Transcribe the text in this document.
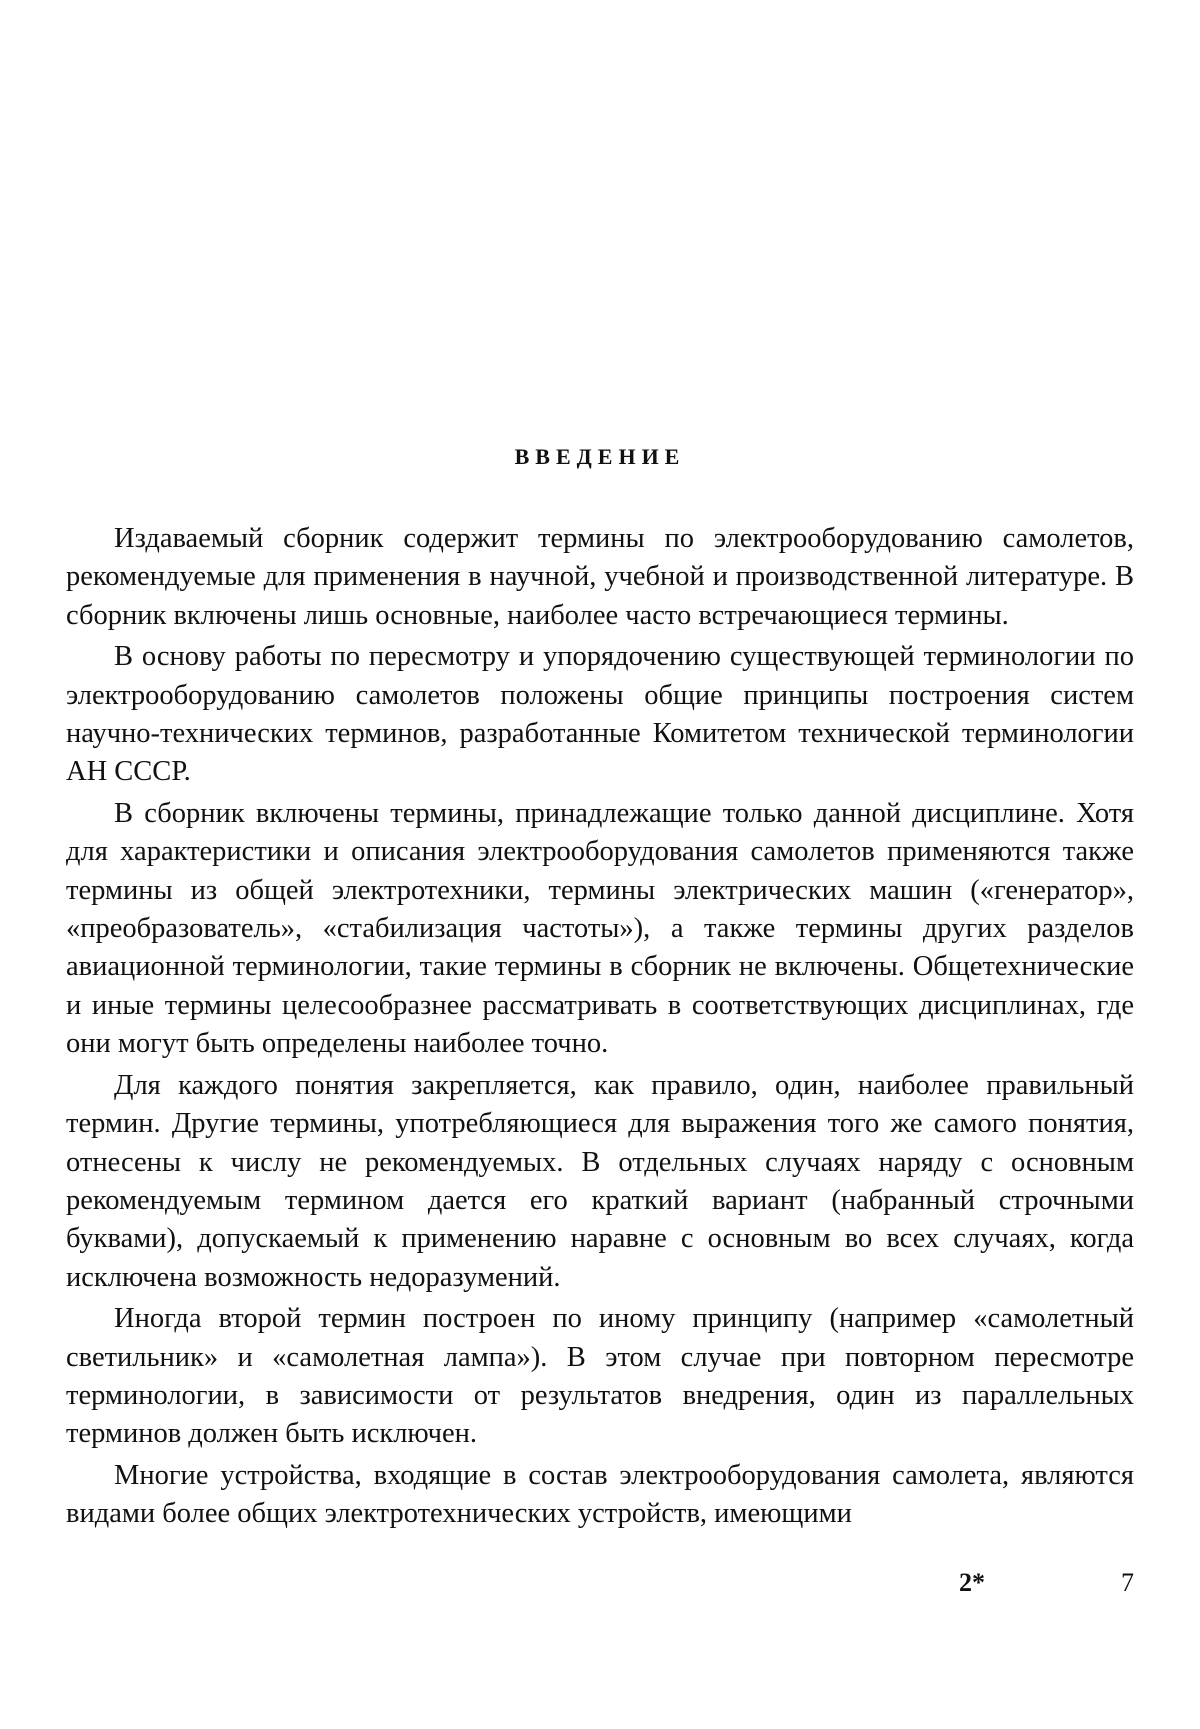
ВВЕДЕНИЕ

Издаваемый сборник содержит термины по электрооборудованию самолетов, рекомендуемые для применения в научной, учебной и производственной литературе. В сборник включены лишь основные, наиболее часто встречающиеся термины.

В основу работы по пересмотру и упорядочению существующей терминологии по электрооборудованию самолетов положены общие принципы построения систем научно-технических терминов, разработанные Комитетом технической терминологии АН СССР.

В сборник включены термины, принадлежащие только данной дисциплине. Хотя для характеристики и описания электрооборудования самолетов применяются также термины из общей электротехники, термины электрических машин («генератор», «преобразователь», «стабилизация частоты»), а также термины других разделов авиационной терминологии, такие термины в сборник не включены. Общетехнические и иные термины целесообразнее рассматривать в соответствующих дисциплинах, где они могут быть определены наиболее точно.

Для каждого понятия закрепляется, как правило, один, наиболее правильный термин. Другие термины, употребляющиеся для выражения того же самого понятия, отнесены к числу не рекомендуемых. В отдельных случаях наряду с основным рекомендуемым термином дается его краткий вариант (набранный строчными буквами), допускаемый к применению наравне с основным во всех случаях, когда исключена возможность недоразумений.

Иногда второй термин построен по иному принципу (например «самолетный светильник» и «самолетная лампа»). В этом случае при повторном пересмотре терминологии, в зависимости от результатов внедрения, один из параллельных терминов должен быть исключен.

Многие устройства, входящие в состав электрооборудования самолета, являются видами более общих электротехнических устройств, имеющими

2*	7
